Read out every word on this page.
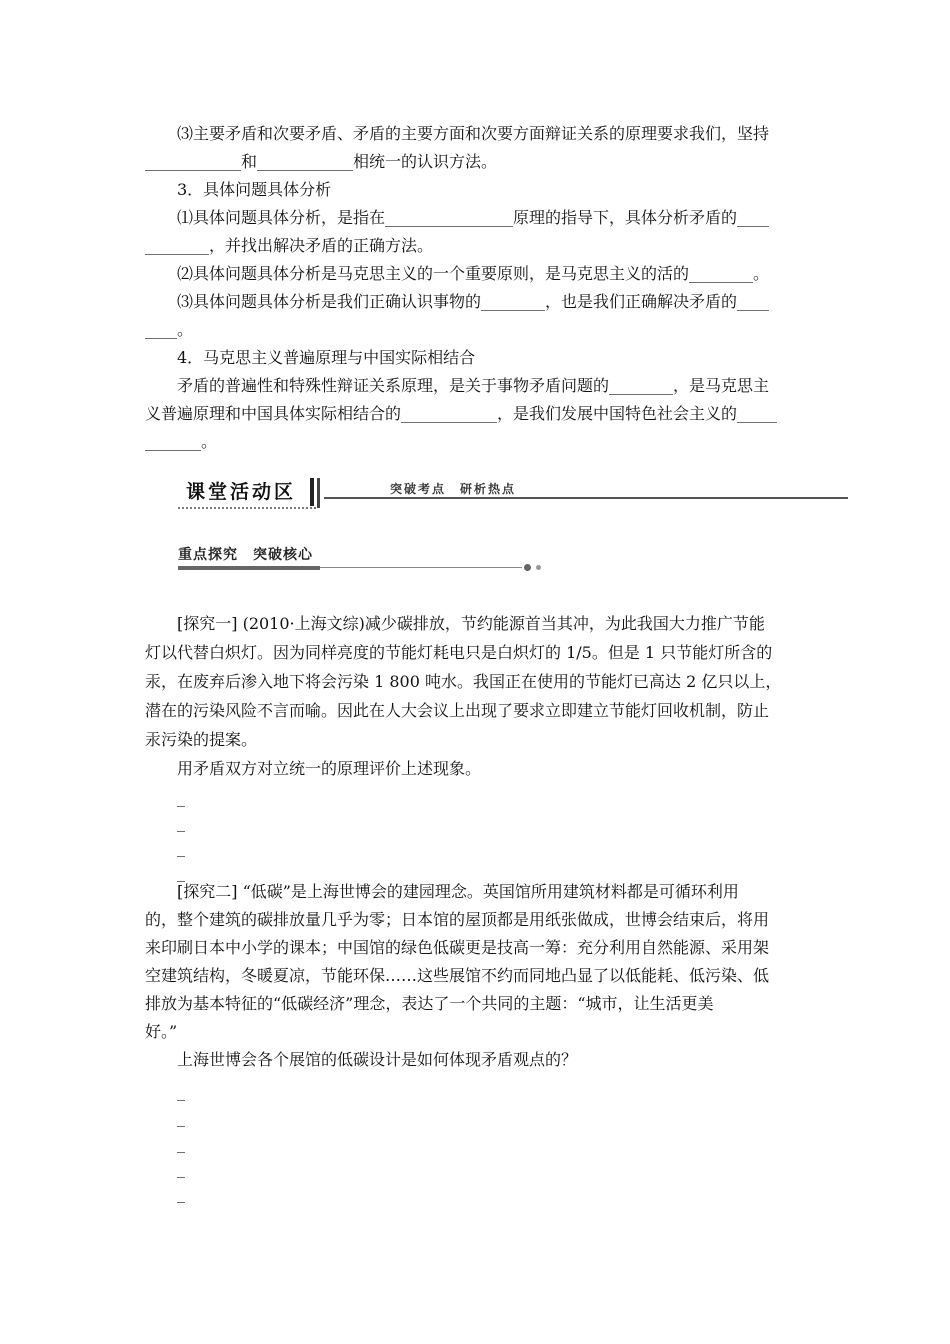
⑶主要矛盾和次要矛盾、矛盾的主要方面和次要方面辩证关系的原理要求我们，坚持
____________和____________相统一的认识方法。
3．具体问题具体分析
⑴具体问题具体分析，是指在________________原理的指导下，具体分析矛盾的____
________，并找出解决矛盾的正确方法。
⑵具体问题具体分析是马克思主义的一个重要原则，是马克思主义的活的________。
⑶具体问题具体分析是我们正确认识事物的________，也是我们正确解决矛盾的____
____。
4．马克思主义普遍原理与中国实际相结合
矛盾的普遍性和特殊性辩证关系原理，是关于事物矛盾问题的________，是马克思主
义普遍原理和中国具体实际相结合的____________，是我们发展中国特色社会主义的_____
_______。
课堂活动区	突破考点　研析热点
重点探究　突破核心
[探究一] (2010·上海文综)减少碳排放，节约能源首当其冲，为此我国大力推广节能
灯以代替白炽灯。因为同样亮度的节能灯耗电只是白炽灯的 1/5。但是 1 只节能灯所含的
汞，在废弃后渗入地下将会污染 1 800 吨水。我国正在使用的节能灯已高达 2 亿只以上，
潜在的污染风险不言而喻。因此在人大会议上出现了要求立即建立节能灯回收机制，防止
汞污染的提案。
用矛盾双方对立统一的原理评价上述现象。
_
_
_
_
[探究二] “低碳”是上海世博会的建园理念。英国馆所用建筑材料都是可循环利用
的，整个建筑的碳排放量几乎为零；日本馆的屋顶都是用纸张做成，世博会结束后，将用
来印刷日本中小学的课本；中国馆的绿色低碳更是技高一筹：充分利用自然能源、采用架
空建筑结构，冬暖夏凉，节能环保……这些展馆不约而同地凸显了以低能耗、低污染、低
排放为基本特征的“低碳经济”理念，表达了一个共同的主题：“城市，让生活更美
好。”
上海世博会各个展馆的低碳设计是如何体现矛盾观点的？
_
_
_
_
_
